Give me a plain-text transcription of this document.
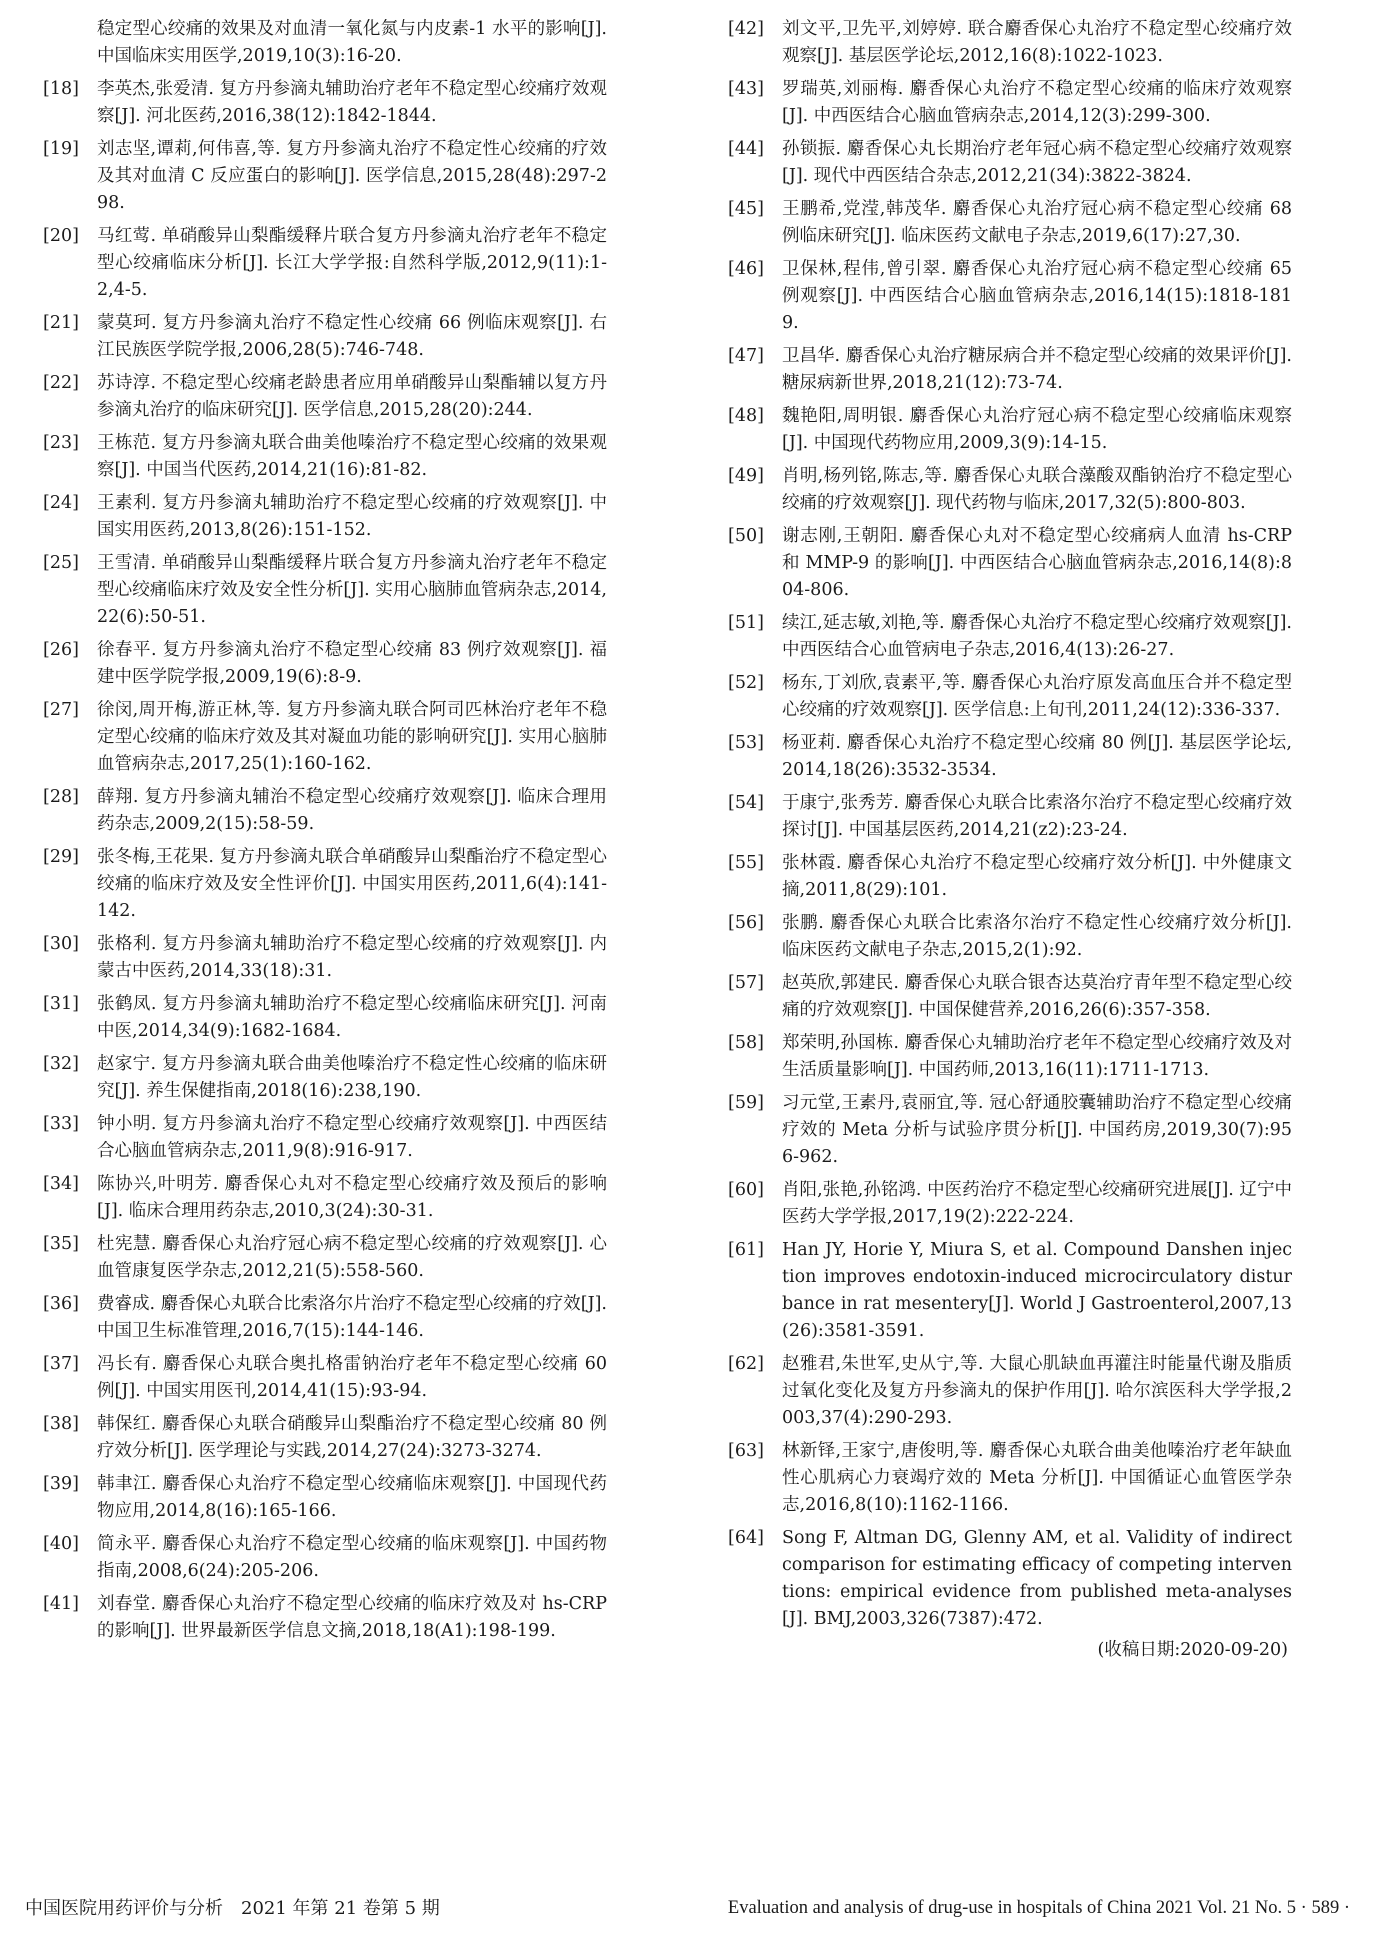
稳定型心绞痛的效果及对血清一氧化氮与内皮素-1 水平的影响[J]. 中国临床实用医学,2019,10(3):16-20.
[18]	李英杰,张爱清. 复方丹参滴丸辅助治疗老年不稳定型心绞痛疗效观察[J]. 河北医药,2016,38(12):1842-1844.
[19]	刘志坚,谭莉,何伟喜,等. 复方丹参滴丸治疗不稳定性心绞痛的疗效及其对血清 C 反应蛋白的影响[J]. 医学信息,2015,28(48):297-298.
[20]	马红莺. 单硝酸异山梨酯缓释片联合复方丹参滴丸治疗老年不稳定型心绞痛临床分析[J]. 长江大学学报:自然科学版,2012,9(11):1-2,4-5.
[21]	蒙莫珂. 复方丹参滴丸治疗不稳定性心绞痛 66 例临床观察[J]. 右江民族医学院学报,2006,28(5):746-748.
[22]	苏诗淳. 不稳定型心绞痛老龄患者应用单硝酸异山梨酯辅以复方丹参滴丸治疗的临床研究[J]. 医学信息,2015,28(20):244.
[23]	王栋范. 复方丹参滴丸联合曲美他嗪治疗不稳定型心绞痛的效果观察[J]. 中国当代医药,2014,21(16):81-82.
[24]	王素利. 复方丹参滴丸辅助治疗不稳定型心绞痛的疗效观察[J]. 中国实用医药,2013,8(26):151-152.
[25]	王雪清. 单硝酸异山梨酯缓释片联合复方丹参滴丸治疗老年不稳定型心绞痛临床疗效及安全性分析[J]. 实用心脑肺血管病杂志,2014,22(6):50-51.
[26]	徐春平. 复方丹参滴丸治疗不稳定型心绞痛 83 例疗效观察[J]. 福建中医学院学报,2009,19(6):8-9.
[27]	徐闵,周开梅,游正林,等. 复方丹参滴丸联合阿司匹林治疗老年不稳定型心绞痛的临床疗效及其对凝血功能的影响研究[J]. 实用心脑肺血管病杂志,2017,25(1):160-162.
[28]	薛翔. 复方丹参滴丸辅治不稳定型心绞痛疗效观察[J]. 临床合理用药杂志,2009,2(15):58-59.
[29]	张冬梅,王花果. 复方丹参滴丸联合单硝酸异山梨酯治疗不稳定型心绞痛的临床疗效及安全性评价[J]. 中国实用医药,2011,6(4):141-142.
[30]	张格利. 复方丹参滴丸辅助治疗不稳定型心绞痛的疗效观察[J]. 内蒙古中医药,2014,33(18):31.
[31]	张鹤凤. 复方丹参滴丸辅助治疗不稳定型心绞痛临床研究[J]. 河南中医,2014,34(9):1682-1684.
[32]	赵家宁. 复方丹参滴丸联合曲美他嗪治疗不稳定性心绞痛的临床研究[J]. 养生保健指南,2018(16):238,190.
[33]	钟小明. 复方丹参滴丸治疗不稳定型心绞痛疗效观察[J]. 中西医结合心脑血管病杂志,2011,9(8):916-917.
[34]	陈协兴,叶明芳. 麝香保心丸对不稳定型心绞痛疗效及预后的影响[J]. 临床合理用药杂志,2010,3(24):30-31.
[35]	杜宪慧. 麝香保心丸治疗冠心病不稳定型心绞痛的疗效观察[J]. 心血管康复医学杂志,2012,21(5):558-560.
[36]	费睿成. 麝香保心丸联合比索洛尔片治疗不稳定型心绞痛的疗效[J]. 中国卫生标准管理,2016,7(15):144-146.
[37]	冯长有. 麝香保心丸联合奥扎格雷钠治疗老年不稳定型心绞痛 60 例[J]. 中国实用医刊,2014,41(15):93-94.
[38]	韩保红. 麝香保心丸联合硝酸异山梨酯治疗不稳定型心绞痛 80 例疗效分析[J]. 医学理论与实践,2014,27(24):3273-3274.
[39]	韩聿江. 麝香保心丸治疗不稳定型心绞痛临床观察[J]. 中国现代药物应用,2014,8(16):165-166.
[40]	简永平. 麝香保心丸治疗不稳定型心绞痛的临床观察[J]. 中国药物指南,2008,6(24):205-206.
[41]	刘春堂. 麝香保心丸治疗不稳定型心绞痛的临床疗效及对 hs-CRP 的影响[J]. 世界最新医学信息文摘,2018,18(A1):198-199.
[42]	刘文平,卫先平,刘婷婷. 联合麝香保心丸治疗不稳定型心绞痛疗效观察[J]. 基层医学论坛,2012,16(8):1022-1023.
[43]	罗瑞英,刘丽梅. 麝香保心丸治疗不稳定型心绞痛的临床疗效观察[J]. 中西医结合心脑血管病杂志,2014,12(3):299-300.
[44]	孙锁振. 麝香保心丸长期治疗老年冠心病不稳定型心绞痛疗效观察[J]. 现代中西医结合杂志,2012,21(34):3822-3824.
[45]	王鹏希,党滢,韩茂华. 麝香保心丸治疗冠心病不稳定型心绞痛 68 例临床研究[J]. 临床医药文献电子杂志,2019,6(17):27,30.
[46]	卫保林,程伟,曾引翠. 麝香保心丸治疗冠心病不稳定型心绞痛 65 例观察[J]. 中西医结合心脑血管病杂志,2016,14(15):1818-1819.
[47]	卫昌华. 麝香保心丸治疗糖尿病合并不稳定型心绞痛的效果评价[J]. 糖尿病新世界,2018,21(12):73-74.
[48]	魏艳阳,周明银. 麝香保心丸治疗冠心病不稳定型心绞痛临床观察[J]. 中国现代药物应用,2009,3(9):14-15.
[49]	肖明,杨列铭,陈志,等. 麝香保心丸联合藻酸双酯钠治疗不稳定型心绞痛的疗效观察[J]. 现代药物与临床,2017,32(5):800-803.
[50]	谢志刚,王朝阳. 麝香保心丸对不稳定型心绞痛病人血清 hs-CRP 和 MMP-9 的影响[J]. 中西医结合心脑血管病杂志,2016,14(8):804-806.
[51]	续江,延志敏,刘艳,等. 麝香保心丸治疗不稳定型心绞痛疗效观察[J]. 中西医结合心血管病电子杂志,2016,4(13):26-27.
[52]	杨东,丁刘欣,袁素平,等. 麝香保心丸治疗原发高血压合并不稳定型心绞痛的疗效观察[J]. 医学信息:上旬刊,2011,24(12):336-337.
[53]	杨亚莉. 麝香保心丸治疗不稳定型心绞痛 80 例[J]. 基层医学论坛,2014,18(26):3532-3534.
[54]	于康宁,张秀芳. 麝香保心丸联合比索洛尔治疗不稳定型心绞痛疗效探讨[J]. 中国基层医药,2014,21(z2):23-24.
[55]	张林霞. 麝香保心丸治疗不稳定型心绞痛疗效分析[J]. 中外健康文摘,2011,8(29):101.
[56]	张鹏. 麝香保心丸联合比索洛尔治疗不稳定性心绞痛疗效分析[J]. 临床医药文献电子杂志,2015,2(1):92.
[57]	赵英欣,郭建民. 麝香保心丸联合银杏达莫治疗青年型不稳定型心绞痛的疗效观察[J]. 中国保健营养,2016,26(6):357-358.
[58]	郑荣明,孙国栋. 麝香保心丸辅助治疗老年不稳定型心绞痛疗效及对生活质量影响[J]. 中国药师,2013,16(11):1711-1713.
[59]	习元堂,王素丹,袁丽宜,等. 冠心舒通胶囊辅助治疗不稳定型心绞痛疗效的 Meta 分析与试验序贯分析[J]. 中国药房,2019,30(7):956-962.
[60]	肖阳,张艳,孙铭鸿. 中医药治疗不稳定型心绞痛研究进展[J]. 辽宁中医药大学学报,2017,19(2):222-224.
[61]	Han JY, Horie Y, Miura S, et al. Compound Danshen injection improves endotoxin-induced microcirculatory disturbance in rat mesentery[J]. World J Gastroenterol,2007,13(26):3581-3591.
[62]	赵雅君,朱世军,史从宁,等. 大鼠心肌缺血再灌注时能量代谢及脂质过氧化变化及复方丹参滴丸的保护作用[J]. 哈尔滨医科大学学报,2003,37(4):290-293.
[63]	林新铎,王家宁,唐俊明,等. 麝香保心丸联合曲美他嗪治疗老年缺血性心肌病心力衰竭疗效的 Meta 分析[J]. 中国循证心血管医学杂志,2016,8(10):1162-1166.
[64]	Song F, Altman DG, Glenny AM, et al. Validity of indirect comparison for estimating efficacy of competing interventions: empirical evidence from published meta-analyses[J]. BMJ,2003,326(7387):472.
(收稿日期:2020-09-20)
中国医院用药评价与分析　2021 年第 21 卷第 5 期	Evaluation and analysis of drug-use in hospitals of China 2021 Vol. 21 No. 5 · 589 ·
